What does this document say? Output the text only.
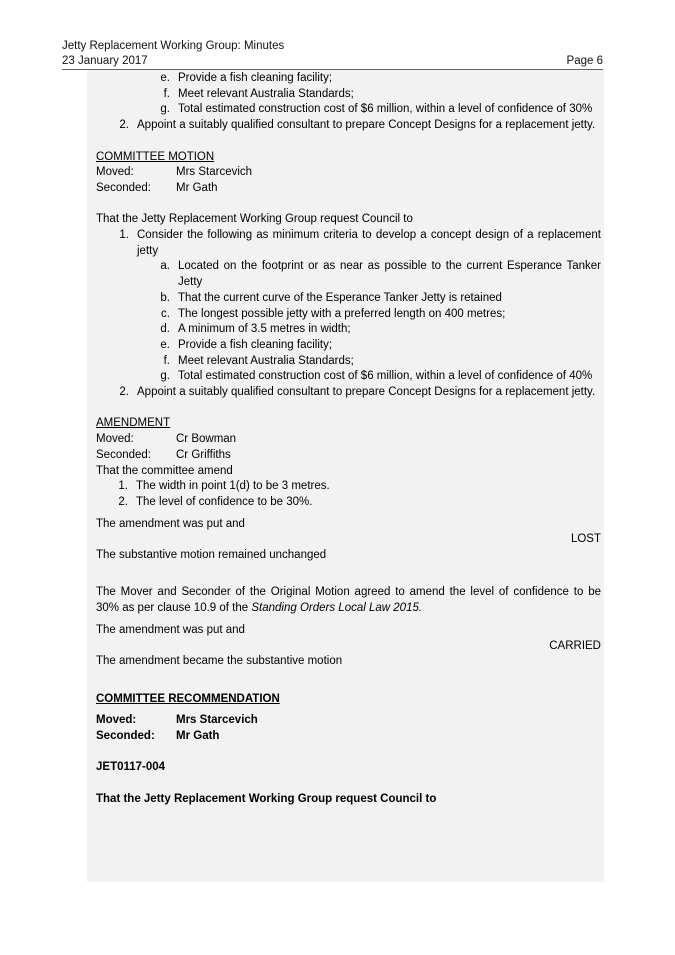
Jetty Replacement Working Group: Minutes
23 January 2017	Page 6
e. Provide a fish cleaning facility;
f. Meet relevant Australia Standards;
g. Total estimated construction cost of $6 million, within a level of confidence of 30%
2. Appoint a suitably qualified consultant to prepare Concept Designs for a replacement jetty.
COMMITTEE MOTION
Moved:	Mrs Starcevich
Seconded:	Mr Gath
That the Jetty Replacement Working Group request Council to
1. Consider the following as minimum criteria to develop a concept design of a replacement jetty
a. Located on the footprint or as near as possible to the current Esperance Tanker Jetty
b. That the current curve of the Esperance Tanker Jetty is retained
c. The longest possible jetty with a preferred length on 400 metres;
d. A minimum of 3.5 metres in width;
e. Provide a fish cleaning facility;
f. Meet relevant Australia Standards;
g. Total estimated construction cost of $6 million, within a level of confidence of 40%
2. Appoint a suitably qualified consultant to prepare Concept Designs for a replacement jetty.
AMENDMENT
Moved:	Cr Bowman
Seconded:	Cr Griffiths
That the committee amend
1. The width in point 1(d) to be 3 metres.
2. The level of confidence to be 30%.
The amendment was put and
LOST
The substantive motion remained unchanged
The Mover and Seconder of the Original Motion agreed to amend the level of confidence to be 30% as per clause 10.9 of the Standing Orders Local Law 2015.
The amendment was put and
CARRIED
The amendment became the substantive motion
COMMITTEE RECOMMENDATION
Moved:	Mrs Starcevich
Seconded:	Mr Gath
JET0117-004
That the Jetty Replacement Working Group request Council to
